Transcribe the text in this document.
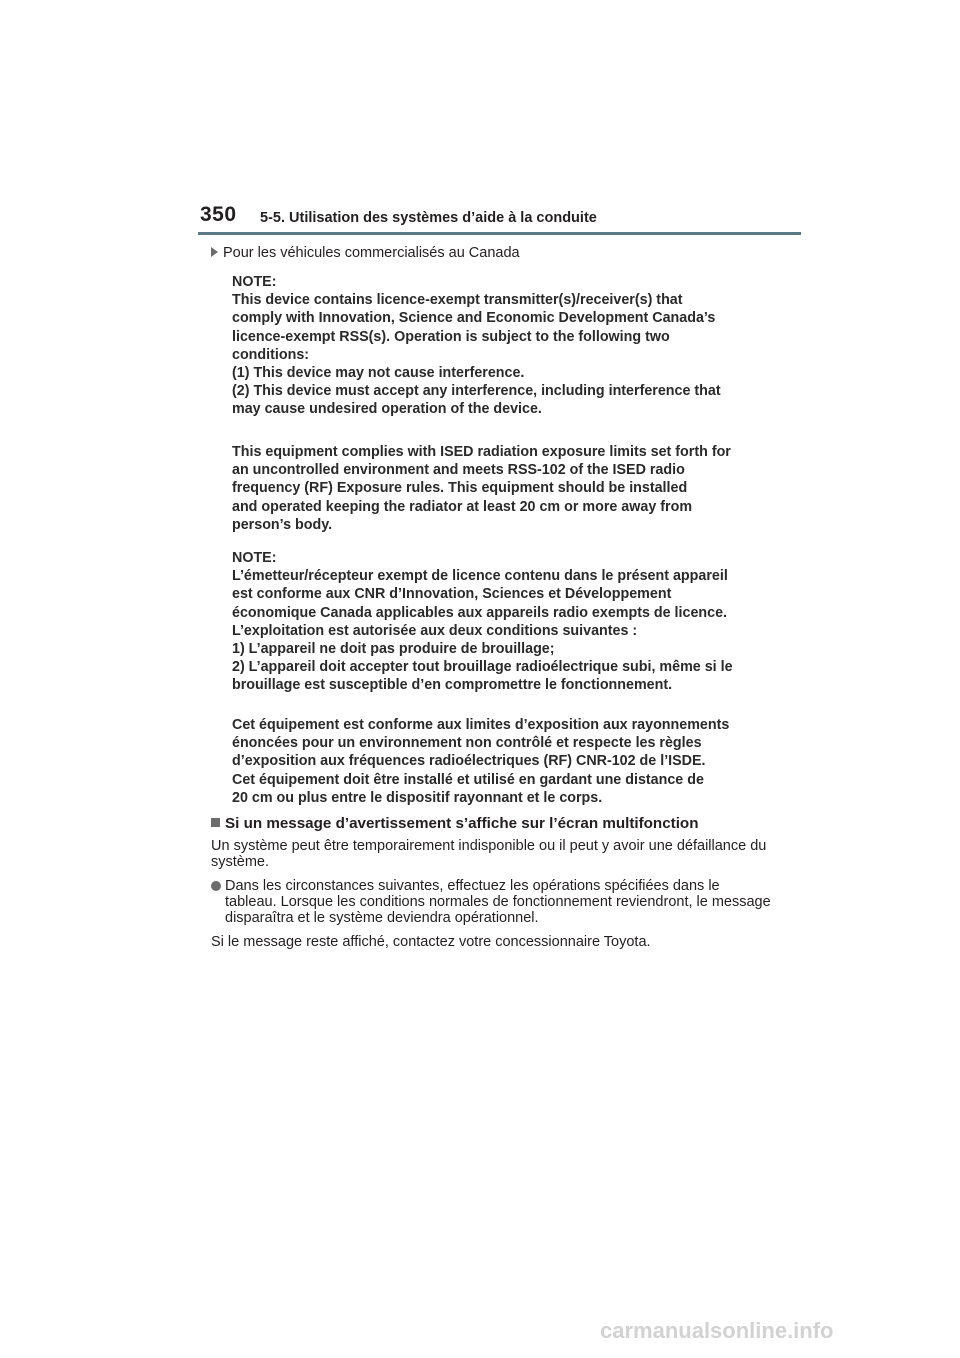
350 5-5. Utilisation des systèmes d’aide à la conduite
Pour les véhicules commercialisés au Canada
NOTE:
This device contains licence-exempt transmitter(s)/receiver(s) that
comply with Innovation, Science and Economic Development Canada’s
licence-exempt RSS(s). Operation is subject to the following two
conditions:
(1) This device may not cause interference.
(2) This device must accept any interference, including interference that
may cause undesired operation of the device.
This equipment complies with ISED radiation exposure limits set forth for
an uncontrolled environment and meets RSS-102 of the ISED radio
frequency (RF) Exposure rules. This equipment should be installed
and operated keeping the radiator at least 20 cm or more away from
person’s body.
NOTE:
L’émetteur/récepteur exempt de licence contenu dans le présent appareil
est conforme aux CNR d’Innovation, Sciences et Développement
économique Canada applicables aux appareils radio exempts de licence.
L’exploitation est autorisée aux deux conditions suivantes :
1) L’appareil ne doit pas produire de brouillage;
2) L’appareil doit accepter tout brouillage radioélectrique subi, même si le
brouillage est susceptible d’en compromettre le fonctionnement.
Cet équipement est conforme aux limites d’exposition aux rayonnements
énoncées pour un environnement non contrôlé et respecte les règles
d’exposition aux fréquences radioélectriques (RF) CNR-102 de l’ISDE.
Cet équipement doit être installé et utilisé en gardant une distance de
20 cm ou plus entre le dispositif rayonnant et le corps.
Si un message d’avertissement s’affiche sur l’écran multifonction
Un système peut être temporairement indisponible ou il peut y avoir une défaillance du système.
Dans les circonstances suivantes, effectuez les opérations spécifiées dans le tableau. Lorsque les conditions normales de fonctionnement reviendront, le message disparaîtra et le système deviendra opérationnel.
Si le message reste affiché, contactez votre concessionnaire Toyota.
carmanualsonline.info
